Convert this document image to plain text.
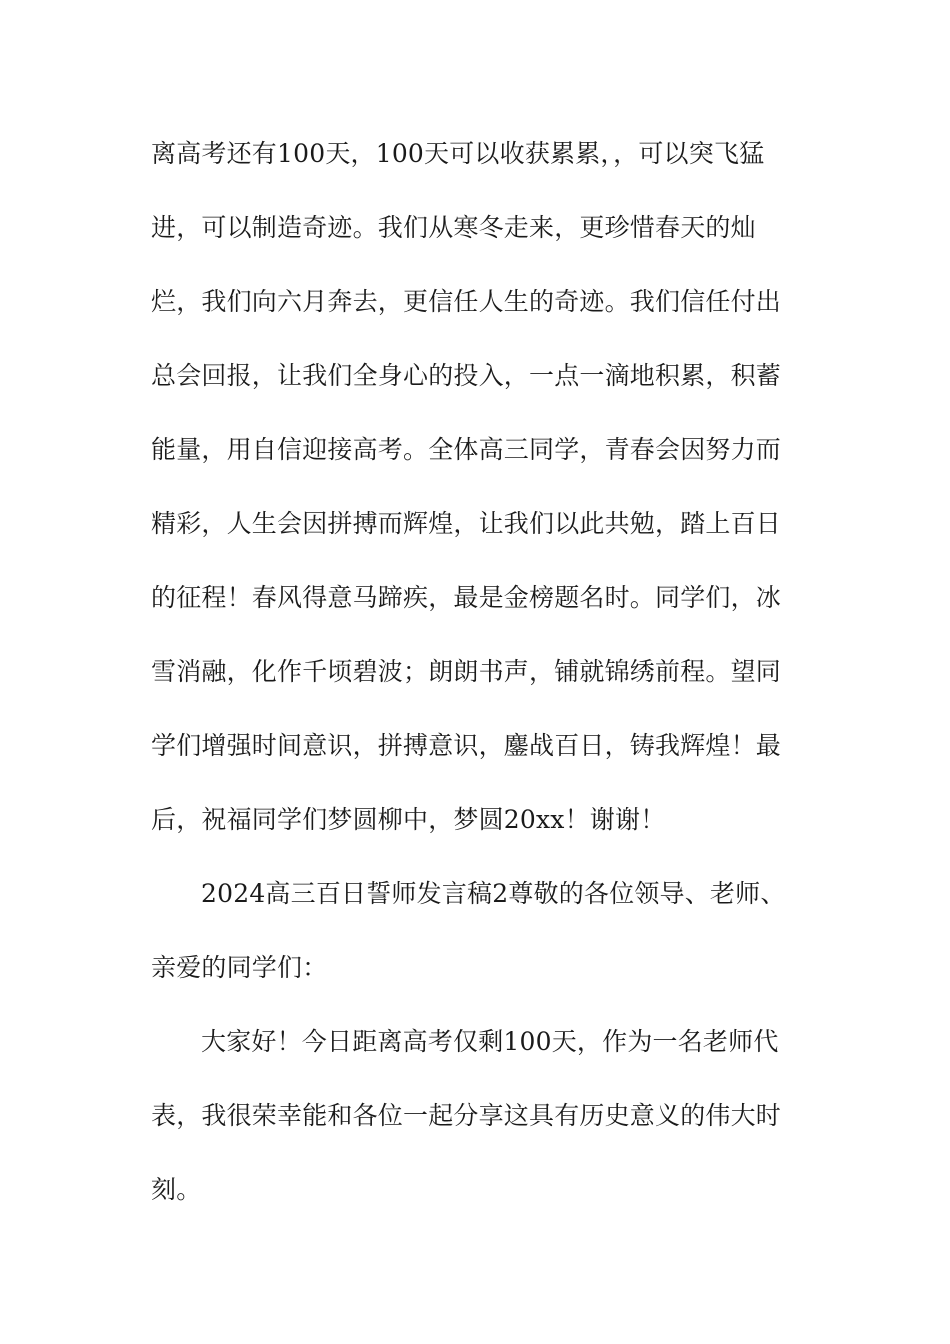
离高考还有100天，100天可以收获累累，，可以突飞猛
进，可以制造奇迹。我们从寒冬走来，更珍惜春天的灿
烂，我们向六月奔去，更信任人生的奇迹。我们信任付出
总会回报，让我们全身心的投入，一点一滴地积累，积蓄
能量，用自信迎接高考。全体高三同学，青春会因努力而
精彩，人生会因拼搏而辉煌，让我们以此共勉，踏上百日
的征程！春风得意马蹄疾，最是金榜题名时。同学们，冰
雪消融，化作千顷碧波；朗朗书声，铺就锦绣前程。望同
学们增强时间意识，拼搏意识，鏖战百日，铸我辉煌！最
后，祝福同学们梦圆柳中，梦圆20xx！谢谢！
2024高三百日誓师发言稿2尊敬的各位领导、老师、
亲爱的同学们：
大家好！今日距离高考仅剩100天，作为一名老师代
表，我很荣幸能和各位一起分享这具有历史意义的伟大时
刻。
